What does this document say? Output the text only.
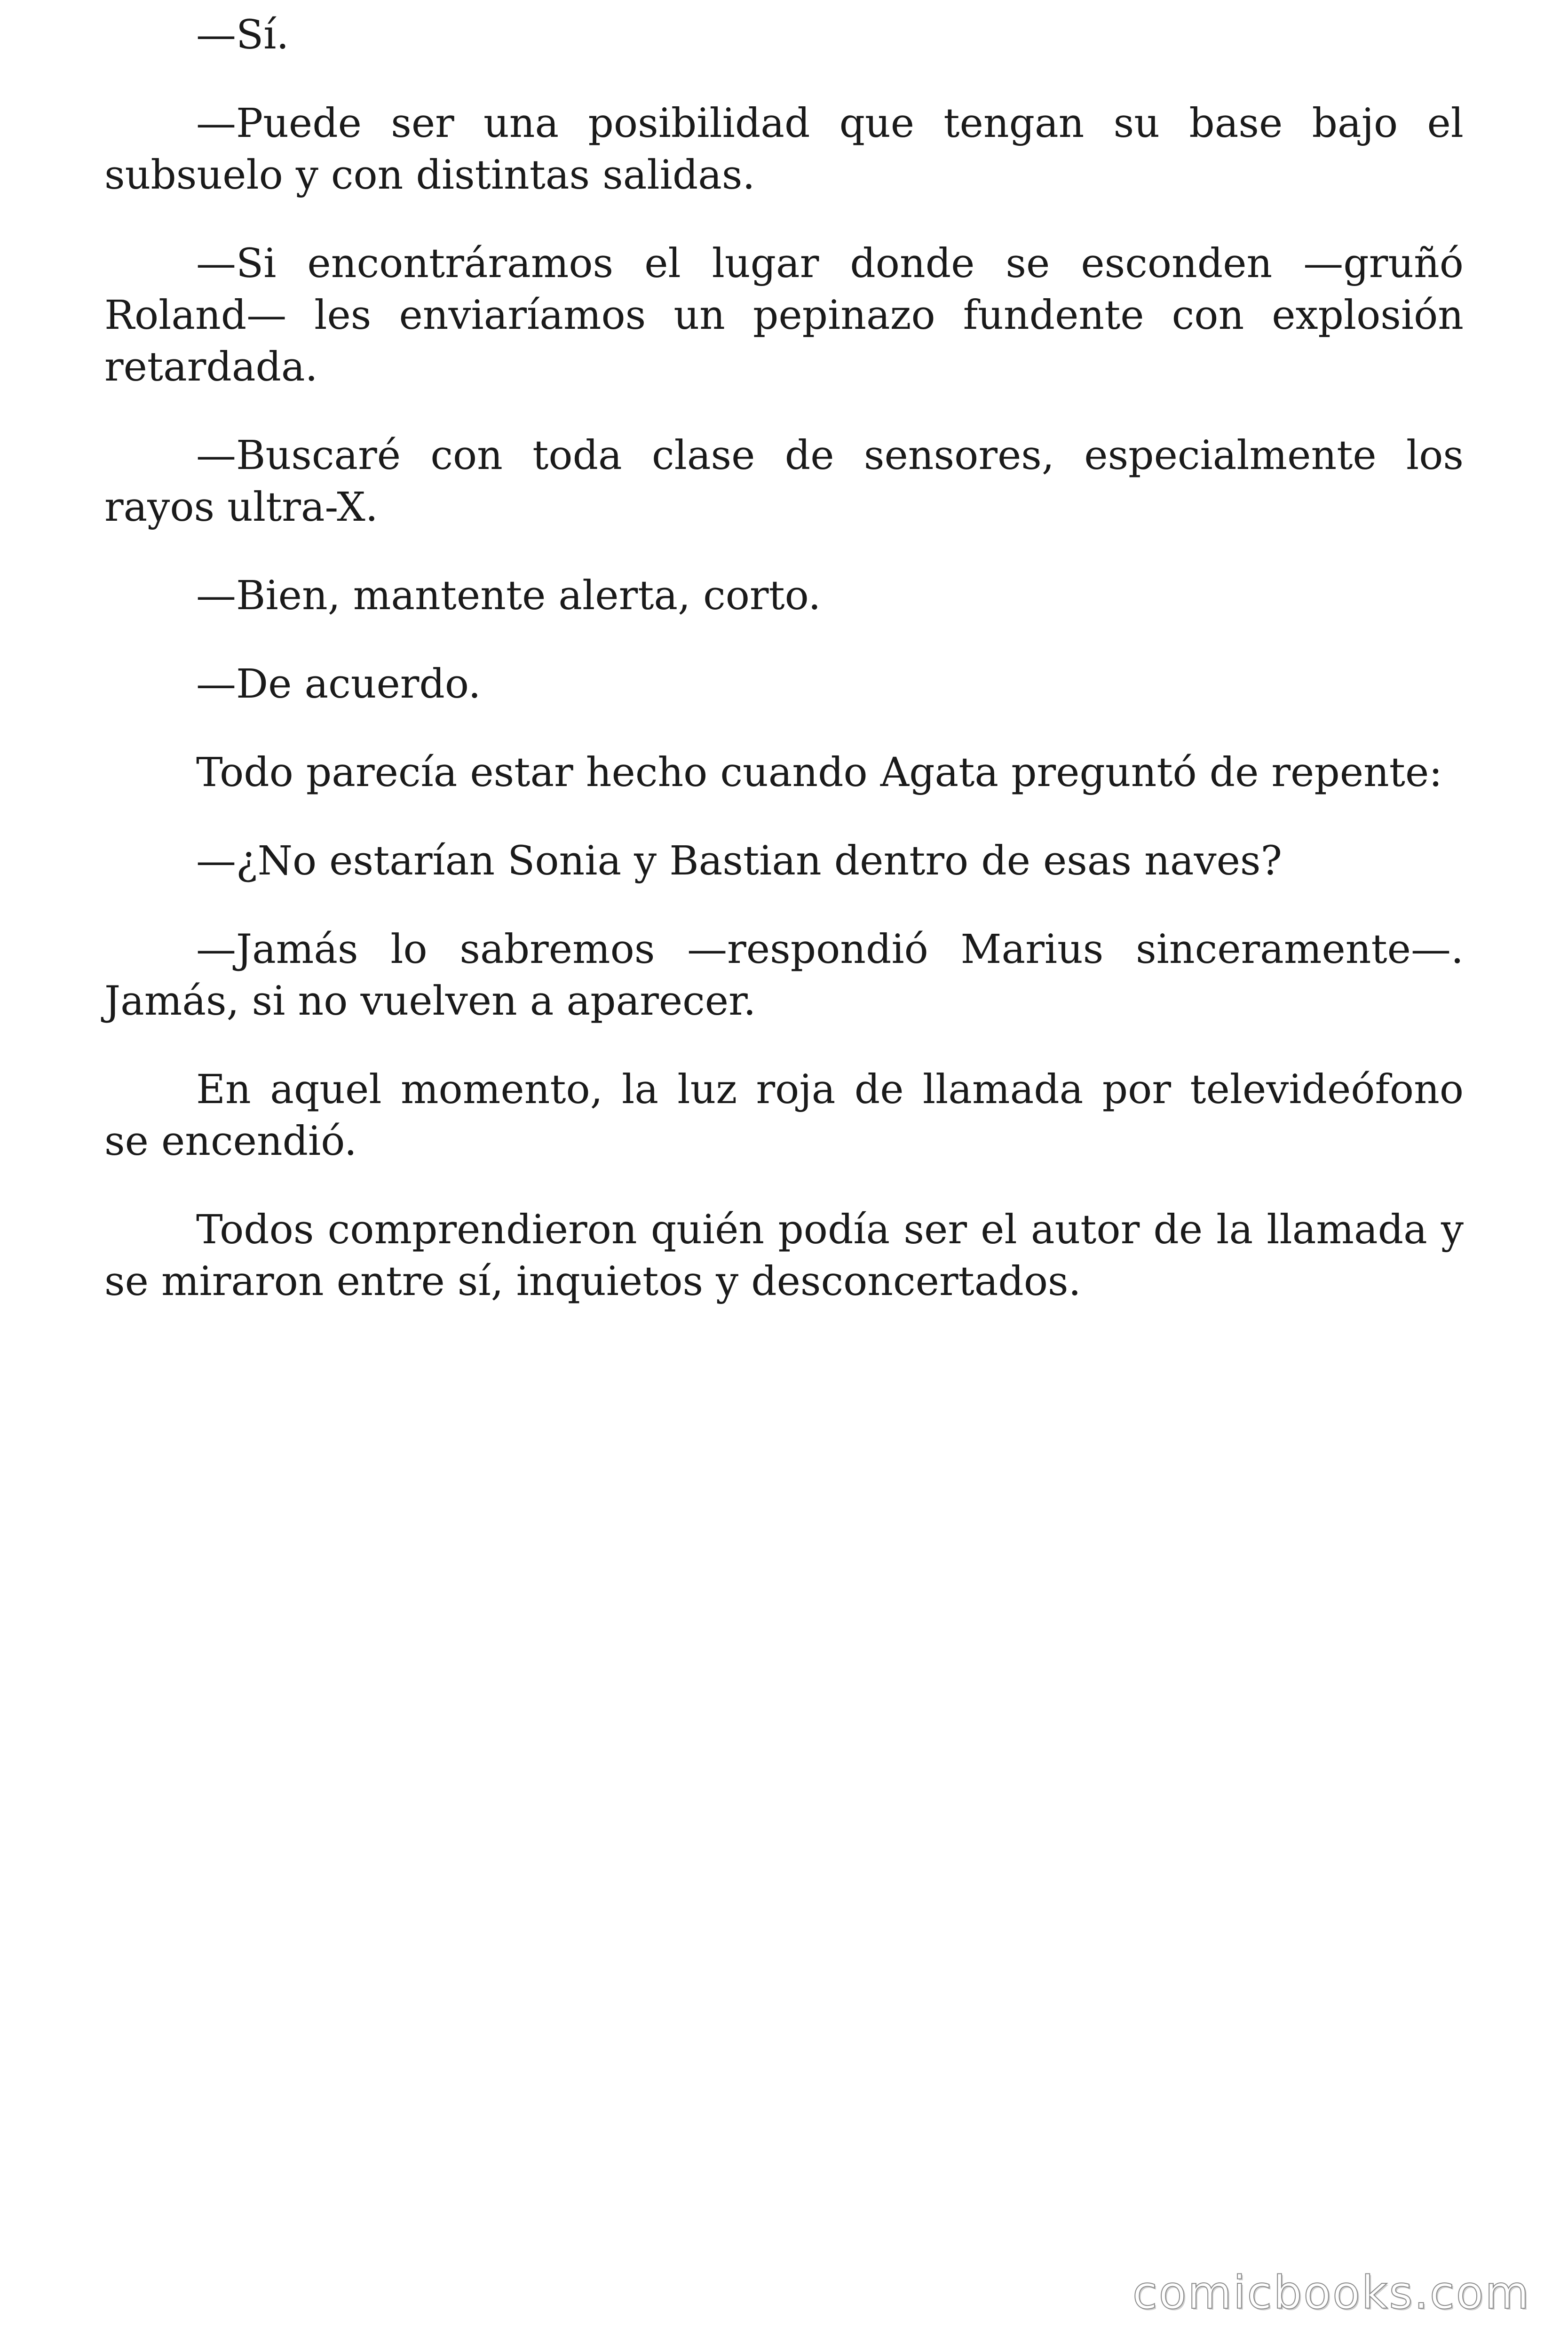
—Sí.

—Puede ser una posibilidad que tengan su base bajo el subsuelo y con distintas salidas.

—Si encontráramos el lugar donde se esconden —gruñó Roland— les enviaríamos un pepinazo fundente con explosión retardada.

—Buscaré con toda clase de sensores, especialmente los rayos ultra-X.

—Bien, mantente alerta, corto.

—De acuerdo.

Todo parecía estar hecho cuando Agata preguntó de repente:

—¿No estarían Sonia y Bastian dentro de esas naves?

—Jamás lo sabremos —respondió Marius sinceramente—. Jamás, si no vuelven a aparecer.

En aquel momento, la luz roja de llamada por televideófono se encendió.

Todos comprendieron quién podía ser el autor de la llamada y se miraron entre sí, inquietos y desconcertados.

comicbooks.com
